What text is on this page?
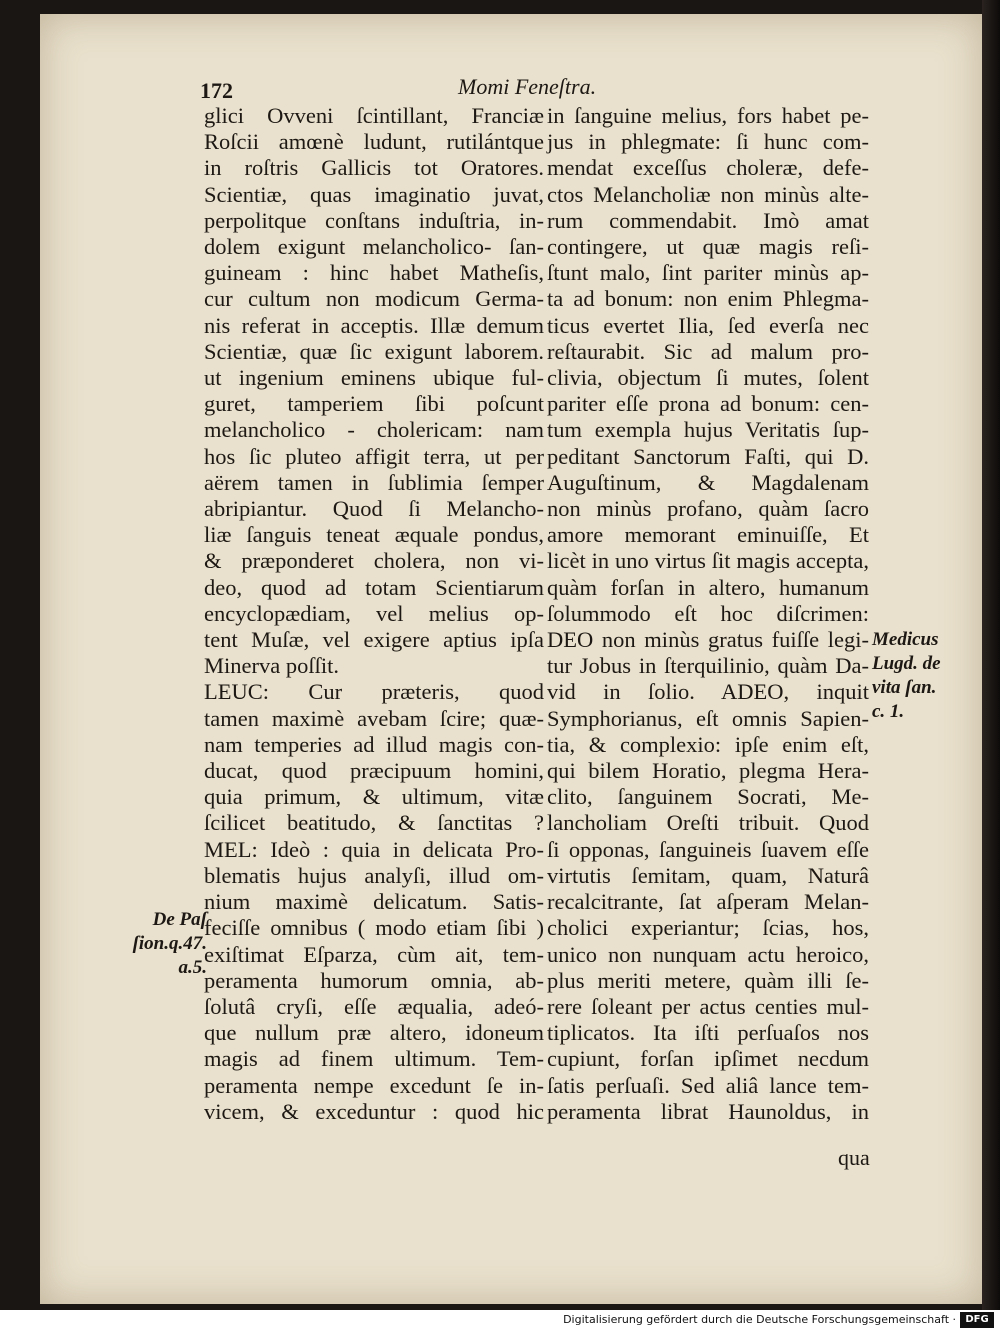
172	Momi Feneſtra.
glici Ovveni ſcintillant, Franciæ
Roſcii amœnè ludunt, rutilántque
in roſtris Gallicis tot Oratores.
Scientiæ, quas imaginatio juvat,
perpolitque conſtans induſtria, in-
dolem exigunt melancholico- ſan-
guineam : hinc habet Matheſis,
cur cultum non modicum Germa-
nis referat in acceptis. Illæ demum
Scientiæ, quæ ſic exigunt laborem.
ut ingenium eminens ubique ful-
guret, tamperiem ſibi poſcunt
melancholico - cholericam: nam
hos ſic pluteo affigit terra, ut per
aërem tamen in ſublimia ſemper
abripiantur. Quod ſi Melancho-
liæ ſanguis teneat æquale pondus,
& præponderet cholera, non vi-
deo, quod ad totam Scientiarum
encyclopædiam, vel melius op-
tent Muſæ, vel exigere aptius ipſa
Minerva poſſit.
LEUC: Cur præteris, quod
tamen maximè avebam ſcire; quæ-
nam temperies ad illud magis con-
ducat, quod præcipuum homini,
quia primum, & ultimum, vitæ
ſcilicet beatitudo, & ſanctitas ?
MEL: Ideò : quia in delicata Pro-
blematis hujus analyſi, illud om-
nium maximè delicatum. Satis-
feciſſe omnibus ( modo etiam ſibi )
exiſtimat Eſparza, cùm ait, tem-
peramenta humorum omnia, ab-
ſolutâ cryſi, eſſe æqualia, adeó-
que nullum præ altero, idoneum
magis ad finem ultimum. Tem-
peramenta nempe excedunt ſe in-
vicem, & exceduntur : quod hic
in ſanguine melius, fors habet pe-
jus in phlegmate: ſi hunc com-
mendat exceſſus choleræ, defe-
ctos Melancholiæ non minùs alte-
rum commendabit. Imò amat
contingere, ut quæ magis reſi-
ſtunt malo, ſint pariter minùs ap-
ta ad bonum: non enim Phlegma-
ticus evertet Ilia, ſed everſa nec
reſtaurabit. Sic ad malum pro-
clivia, objectum ſi mutes, ſolent
pariter eſſe prona ad bonum: cen-
tum exempla hujus Veritatis ſup-
peditant Sanctorum Faſti, qui D.
Auguſtinum, & Magdalenam
non minùs profano, quàm ſacro
amore memorant eminuiſſe, Et
licèt in uno virtus ſit magis accepta,
quàm forſan in altero, humanum
ſolummodo eſt hoc diſcrimen:
DEO non minùs gratus fuiſſe legi-
tur Jobus in ſterquilinio, quàm Da-
vid in ſolio. ADEO, inquit
Symphorianus, eſt omnis Sapien-
tia, & complexio: ipſe enim eſt,
qui bilem Horatio, plegma Hera-
clito, ſanguinem Socrati, Me-
lancholiam Oreſti tribuit. Quod
ſi opponas, ſanguineis ſuavem eſſe
virtutis ſemitam, quam, Naturâ
recalcitrante, ſat aſperam Melan-
cholici experiantur; ſcias, hos,
unico non nunquam actu heroico,
plus meriti metere, quàm illi ſe-
rere ſoleant per actus centies mul-
tiplicatos. Ita iſti perſuaſos nos
cupiunt, forſan ipſimet necdum
ſatis perſuaſi. Sed aliâ lance tem-
peramenta librat Haunoldus, in
De Paſ
ſion.q.47.
a.5.
Medicus
Lugd. de
vita ſan.
c. 1.
qua
Digitalisierung gefördert durch die Deutsche Forschungsgemeinschaft · DFG
